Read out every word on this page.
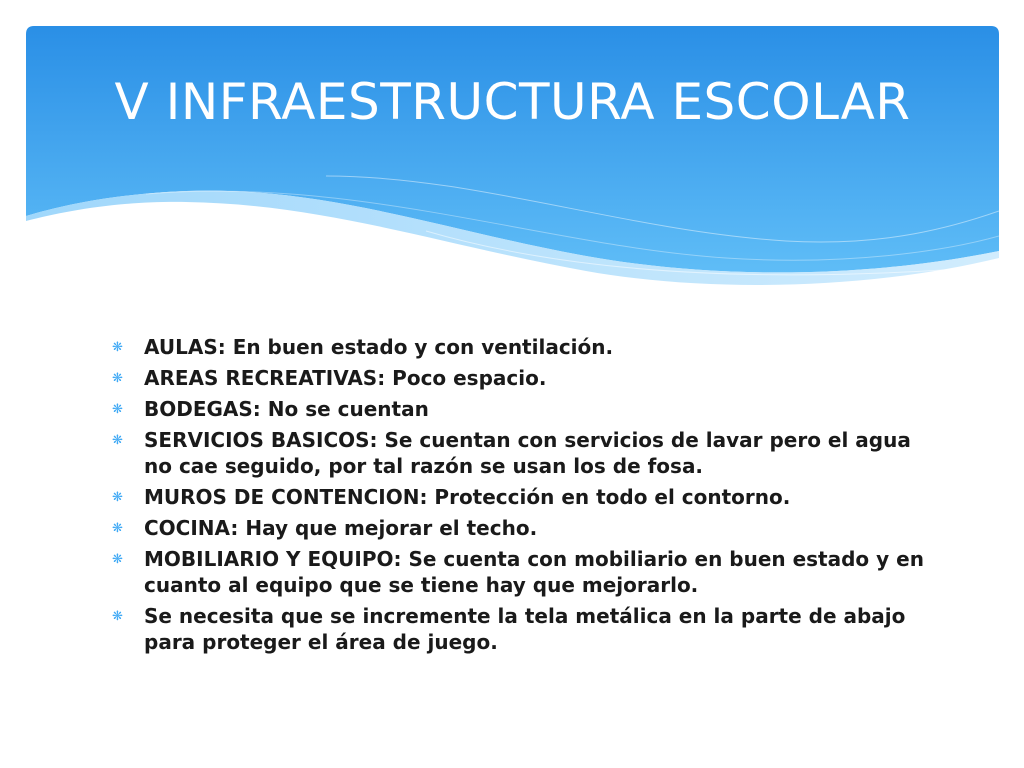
V INFRAESTRUCTURA ESCOLAR
❋ AULAS: En buen estado y con ventilación.
❋ AREAS RECREATIVAS: Poco espacio.
❋ BODEGAS: No se cuentan
❋ SERVICIOS BASICOS: Se cuentan con servicios de lavar pero el agua no cae seguido, por tal razón se usan los de fosa.
❋ MUROS DE CONTENCION: Protección en todo el contorno.
❋ COCINA: Hay que mejorar el techo.
❋ MOBILIARIO Y EQUIPO: Se cuenta con mobiliario en buen estado y en cuanto al equipo que se tiene hay que mejorarlo.
❋ Se necesita que se incremente la tela metálica en la parte de abajo para proteger el área de juego.
